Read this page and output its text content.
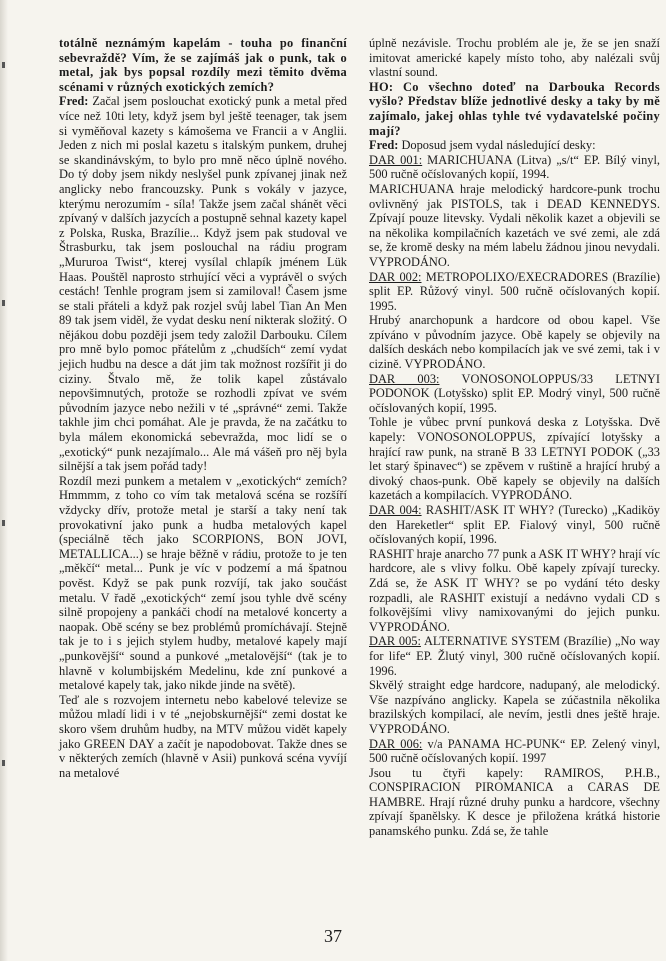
totálně neznámým kapelám - touha po finanční sebevraždě? Vím, že se zajímáš jak o punk, tak o metal, jak bys popsal rozdíly mezi těmito dvěma scénami v různých exotických zemích?

Fred: Začal jsem poslouchat exotický punk a metal před více než 10ti lety, když jsem byl ještě teenager, tak jsem si vyměňoval kazety s kámošema ve Francii a v Anglii. Jeden z nich mi poslal kazetu s italským punkem, druhej se skandinávským, to bylo pro mně něco úplně nového. Do tý doby jsem nikdy neslyšel punk zpívanej jinak než anglicky nebo francouzsky. Punk s vokály v jazyce, kterýmu nerozumím - síla! Takže jsem začal shánět věci zpívaný v dalších jazycích a postupně sehnal kazety kapel z Polska, Ruska, Brazílie... Když jsem pak studoval ve Štrasburku, tak jsem poslouchal na rádiu program „Mururoa Twist“, kterej vysílal chlapík jménem Lük Haas. Pouštěl naprosto strhující věci a vyprávěl o svých cestách! Tenhle program jsem si zamiloval! Časem jsme se stali přáteli a když pak rozjel svůj label Tian An Men 89 tak jsem viděl, že vydat desku není nikterak složitý. O nějákou dobu později jsem tedy založil Darbouku. Cílem pro mně bylo pomoc přátelům z „chudších“ zemí vydat jejich hudbu na desce a dát jim tak možnost rozšířit ji do ciziny. Štvalo mě, že tolik kapel zůstávalo nepovšimnutých, protože se rozhodli zpívat ve svém původním jazyce nebo nežili v té „správné“ zemi. Takže takhle jim chci pomáhat. Ale je pravda, že na začátku to byla málem ekonomická sebevražda, moc lidí se o „exotický“ punk nezajímalo... Ale má vášeň pro něj byla silnější a tak jsem pořád tady!

Rozdíl mezi punkem a metalem v „exotických“ zemích? Hmmmm, z toho co vím tak metalová scéna se rozšíří vždycky dřív, protože metal je starší a taky není tak provokativní jako punk a hudba metalových kapel (speciálně těch jako SCORPIONS, BON JOVI, METALLICA...) se hraje běžně v rádiu, protože to je ten „měkčí“ metal... Punk je víc v podzemí a má špatnou pověst. Když se pak punk rozvíjí, tak jako součást metalu. V řadě „exotických“ zemí jsou tyhle dvě scény silně propojeny a pankáči chodí na metalové koncerty a naopak. Obě scény se bez problémů promíchávají. Stejně tak je to i s jejich stylem hudby, metalové kapely mají „punkovější“ sound a punkové „metalovější“ (tak je to hlavně v kolumbijském Medelinu, kde zní punkové a metalové kapely tak, jako nikde jinde na světě).

Teď ale s rozvojem internetu nebo kabelové televize se můžou mladí lidi i v té „nejobskurnější“ zemi dostat ke skoro všem druhům hudby, na MTV můžou vidět kapely jako GREEN DAY a začít je napodobovat. Takže dnes se v některých zemích (hlavně v Asii) punková scéna vyvíjí na metalové

úplně nezávisle. Trochu problém ale je, že se jen snaží imitovat americké kapely místo toho, aby nalézali svůj vlastní sound.

HO: Co všechno doteď na Darbouka Records vyšlo? Představ blíže jednotlivé desky a taky by mě zajímalo, jakej ohlas tyhle tvé vydavatelské počiny mají?

Fred: Doposud jsem vydal následující desky:

DAR 001: MARICHUANA (Litva) „s/t“ EP. Bílý vinyl, 500 ručně očíslovaných kopií, 1994.

MARICHUANA hraje melodický hardcore-punk trochu ovlivněný jak PISTOLS, tak i DEAD KENNEDYS. Zpívají pouze litevsky. Vydali několik kazet a objevili se na několika kompilačních kazetách ve své zemi, ale zdá se, že kromě desky na mém labelu žádnou jinou nevydali. VYPRODÁNO.

DAR 002: METROPOLIXO/EXECRADORES (Brazílie) split EP. Růžový vinyl. 500 ručně očíslovaných kopií. 1995.

Hrubý anarchopunk a hardcore od obou kapel. Vše zpíváno v původním jazyce. Obě kapely se objevily na dalších deskách nebo kompilacích jak ve své zemi, tak i v cizině. VYPRODÁNO.

DAR 003: VONOSONOLOPPUS/33 LETNYI PODONOK (Lotyšsko) split EP. Modrý vinyl, 500 ručně očíslovaných kopií, 1995.

Tohle je vůbec první punková deska z Lotyšska. Dvě kapely: VONOSONOLOPPUS, zpívající lotyšsky a hrající raw punk, na straně B 33 LETNYI PODOK („33 let starý špinavec“) se zpěvem v ruštině a hrající hrubý a divoký chaos-punk. Obě kapely se objevily na dalších kazetách a kompilacích. VYPRODÁNO.

DAR 004: RASHIT/ASK IT WHY? (Turecko) „Kadiköy den Hareketler“ split EP. Fialový vinyl, 500 ručně očíslovaných kopií, 1996.

RASHIT hraje anarcho 77 punk a ASK IT WHY? hrají víc hardcore, ale s vlivy folku. Obě kapely zpívají turecky. Zdá se, že ASK IT WHY? se po vydání této desky rozpadli, ale RASHIT existují a nedávno vydali CD s folkovějšími vlivy namixovanými do jejich punku. VYPRODÁNO.

DAR 005: ALTERNATIVE SYSTEM (Brazílie) „No way for life“ EP. Žlutý vinyl, 300 ručně očíslovaných kopií. 1996.

Skvělý straight edge hardcore, nadupaný, ale melodický. Vše nazpíváno anglicky. Kapela se zúčastnila několika brazilských kompilací, ale nevím, jestli dnes ještě hraje. VYPRODÁNO.

DAR 006: v/a PANAMA HC-PUNK“ EP. Zelený vinyl, 500 ručně očíslovaných kopií. 1997

Jsou tu čtyři kapely: RAMIROS, P.H.B., CONSPIRACION PIROMANICA a CARAS DE HAMBRE. Hrají různé druhy punku a hardcore, všechny zpívají španělsky. K desce je přiložena krátká historie panamského punku. Zdá se, že tahle

37
